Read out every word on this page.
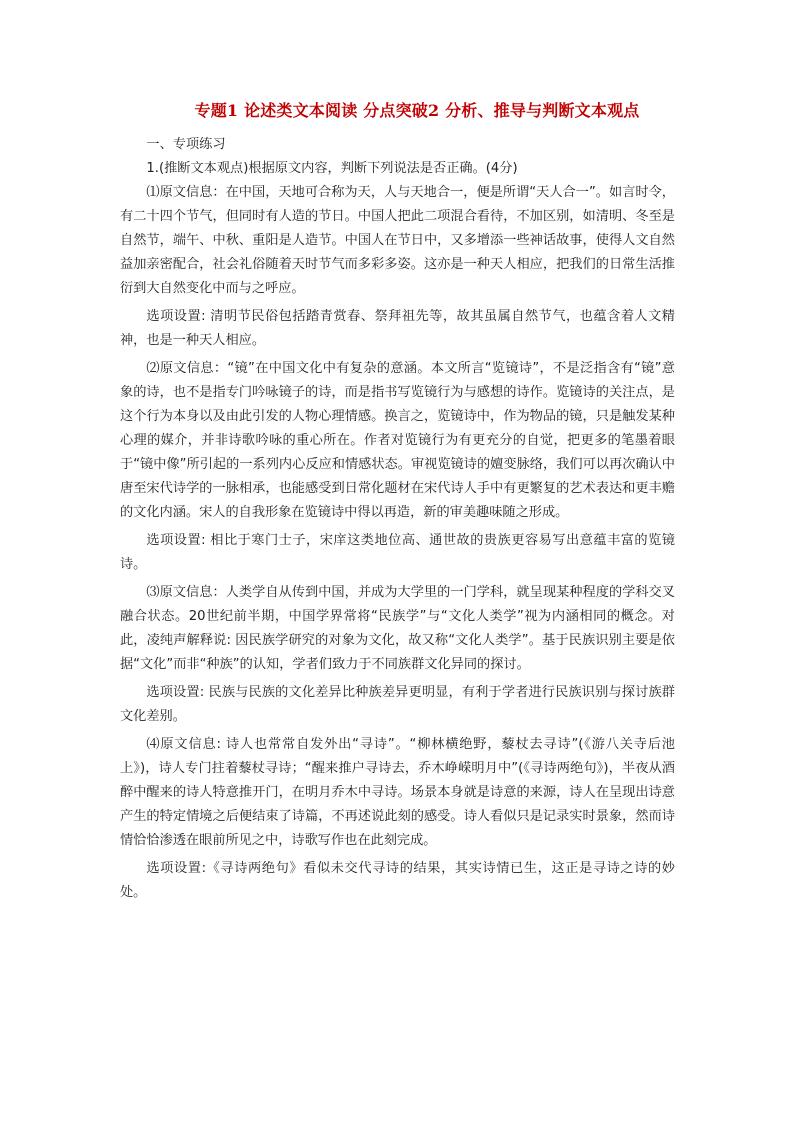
专题1 论述类文本阅读 分点突破2 分析、推导与判断文本观点

一、专项练习

1.(推断文本观点)根据原文内容，判断下列说法是否正确。(4分)

⑴原文信息：在中国，天地可合称为天，人与天地合一，便是所谓“天人合一”。如言时令，有二十四个节气，但同时有人造的节日。中国人把此二项混合看待，不加区别，如清明、冬至是自然节，端午、中秋、重阳是人造节。中国人在节日中，又多增添一些神话故事，使得人文自然益加亲密配合，社会礼俗随着天时节气而多彩多姿。这亦是一种天人相应，把我们的日常生活推衍到大自然变化中而与之呼应。

选项设置: 清明节民俗包括踏青赏春、祭拜祖先等，故其虽属自然节气，也蕴含着人文精神，也是一种天人相应。

⑵原文信息：“镜”在中国文化中有复杂的意涵。本文所言“览镜诗”，不是泛指含有“镜”意象的诗，也不是指专门吟咏镜子的诗，而是指书写览镜行为与感想的诗作。览镜诗的关注点，是这个行为本身以及由此引发的人物心理情感。换言之，览镜诗中，作为物品的镜，只是触发某种心理的媒介，并非诗歌吟咏的重心所在。作者对览镜行为有更充分的自觉，把更多的笔墨着眼于“镜中像”所引起的一系列内心反应和情感状态。审视览镜诗的嬗变脉络，我们可以再次确认中唐至宋代诗学的一脉相承，也能感受到日常化题材在宋代诗人手中有更繁复的艺术表达和更丰赡的文化内涵。宋人的自我形象在览镜诗中得以再造，新的审美趣味随之形成。

选项设置: 相比于寒门士子，宋庠这类地位高、通世故的贵族更容易写出意蕴丰富的览镜诗。

⑶原文信息：人类学自从传到中国，并成为大学里的一门学科，就呈现某种程度的学科交叉融合状态。20世纪前半期，中国学界常将“民族学”与“文化人类学”视为内涵相同的概念。对此，凌纯声解释说: 因民族学研究的对象为文化，故又称“文化人类学”。基于民族识别主要是依据“文化”而非“种族”的认知，学者们致力于不同族群文化异同的探讨。

选项设置: 民族与民族的文化差异比种族差异更明显，有利于学者进行民族识别与探讨族群文化差别。

⑷原文信息: 诗人也常常自发外出“寻诗”。“柳林横绝野，藜杖去寻诗”(《游八关寺后池上》)，诗人专门拄着藜杖寻诗；“醒来推户寻诗去，乔木峥嵘明月中”(《寻诗两绝句》)，半夜从酒醉中醒来的诗人特意推开门，在明月乔木中寻诗。场景本身就是诗意的来源，诗人在呈现出诗意产生的特定情境之后便结束了诗篇，不再述说此刻的感受。诗人看似只是记录实时景象，然而诗情恰恰渗透在眼前所见之中，诗歌写作也在此刻完成。

选项设置:《寻诗两绝句》看似未交代寻诗的结果，其实诗情已生，这正是寻诗之诗的妙处。
